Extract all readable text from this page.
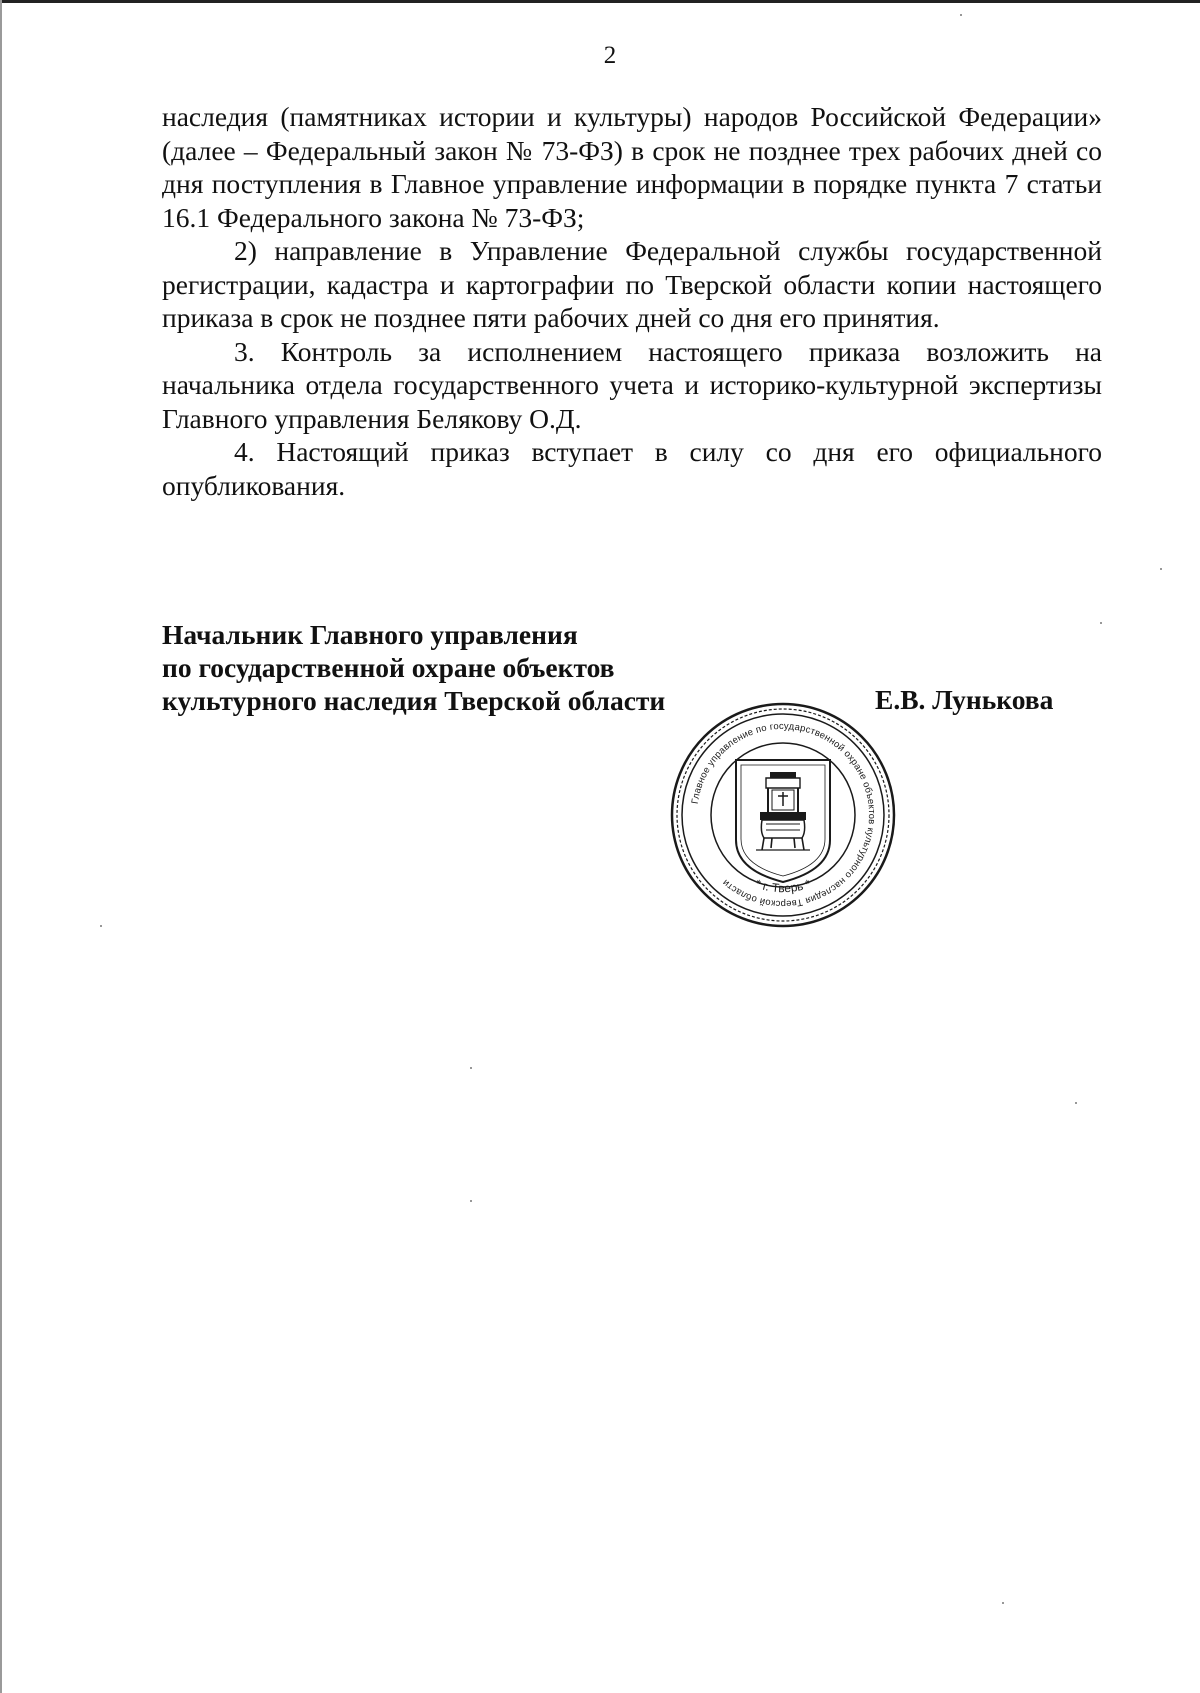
2

наследия (памятниках истории и культуры) народов Российской Федерации» (далее – Федеральный закон № 73-ФЗ) в срок не позднее трех рабочих дней со дня поступления в Главное управление информации в порядке пункта 7 статьи 16.1 Федерального закона № 73-ФЗ;

2) направление в Управление Федеральной службы государственной регистрации, кадастра и картографии по Тверской области копии настоящего приказа в срок не позднее пяти рабочих дней со дня его принятия.

3. Контроль за исполнением настоящего приказа возложить на начальника отдела государственного учета и историко-культурной экспертизы Главного управления Белякову О.Д.

4. Настоящий приказ вступает в силу со дня его официального опубликования.

Начальник Главного управления
по государственной охране объектов
культурного наследия Тверской области	Е.В. Лунькова
Главное управление по государственной охране объектов культурного наследия Тверской области	* г. Тверь *
